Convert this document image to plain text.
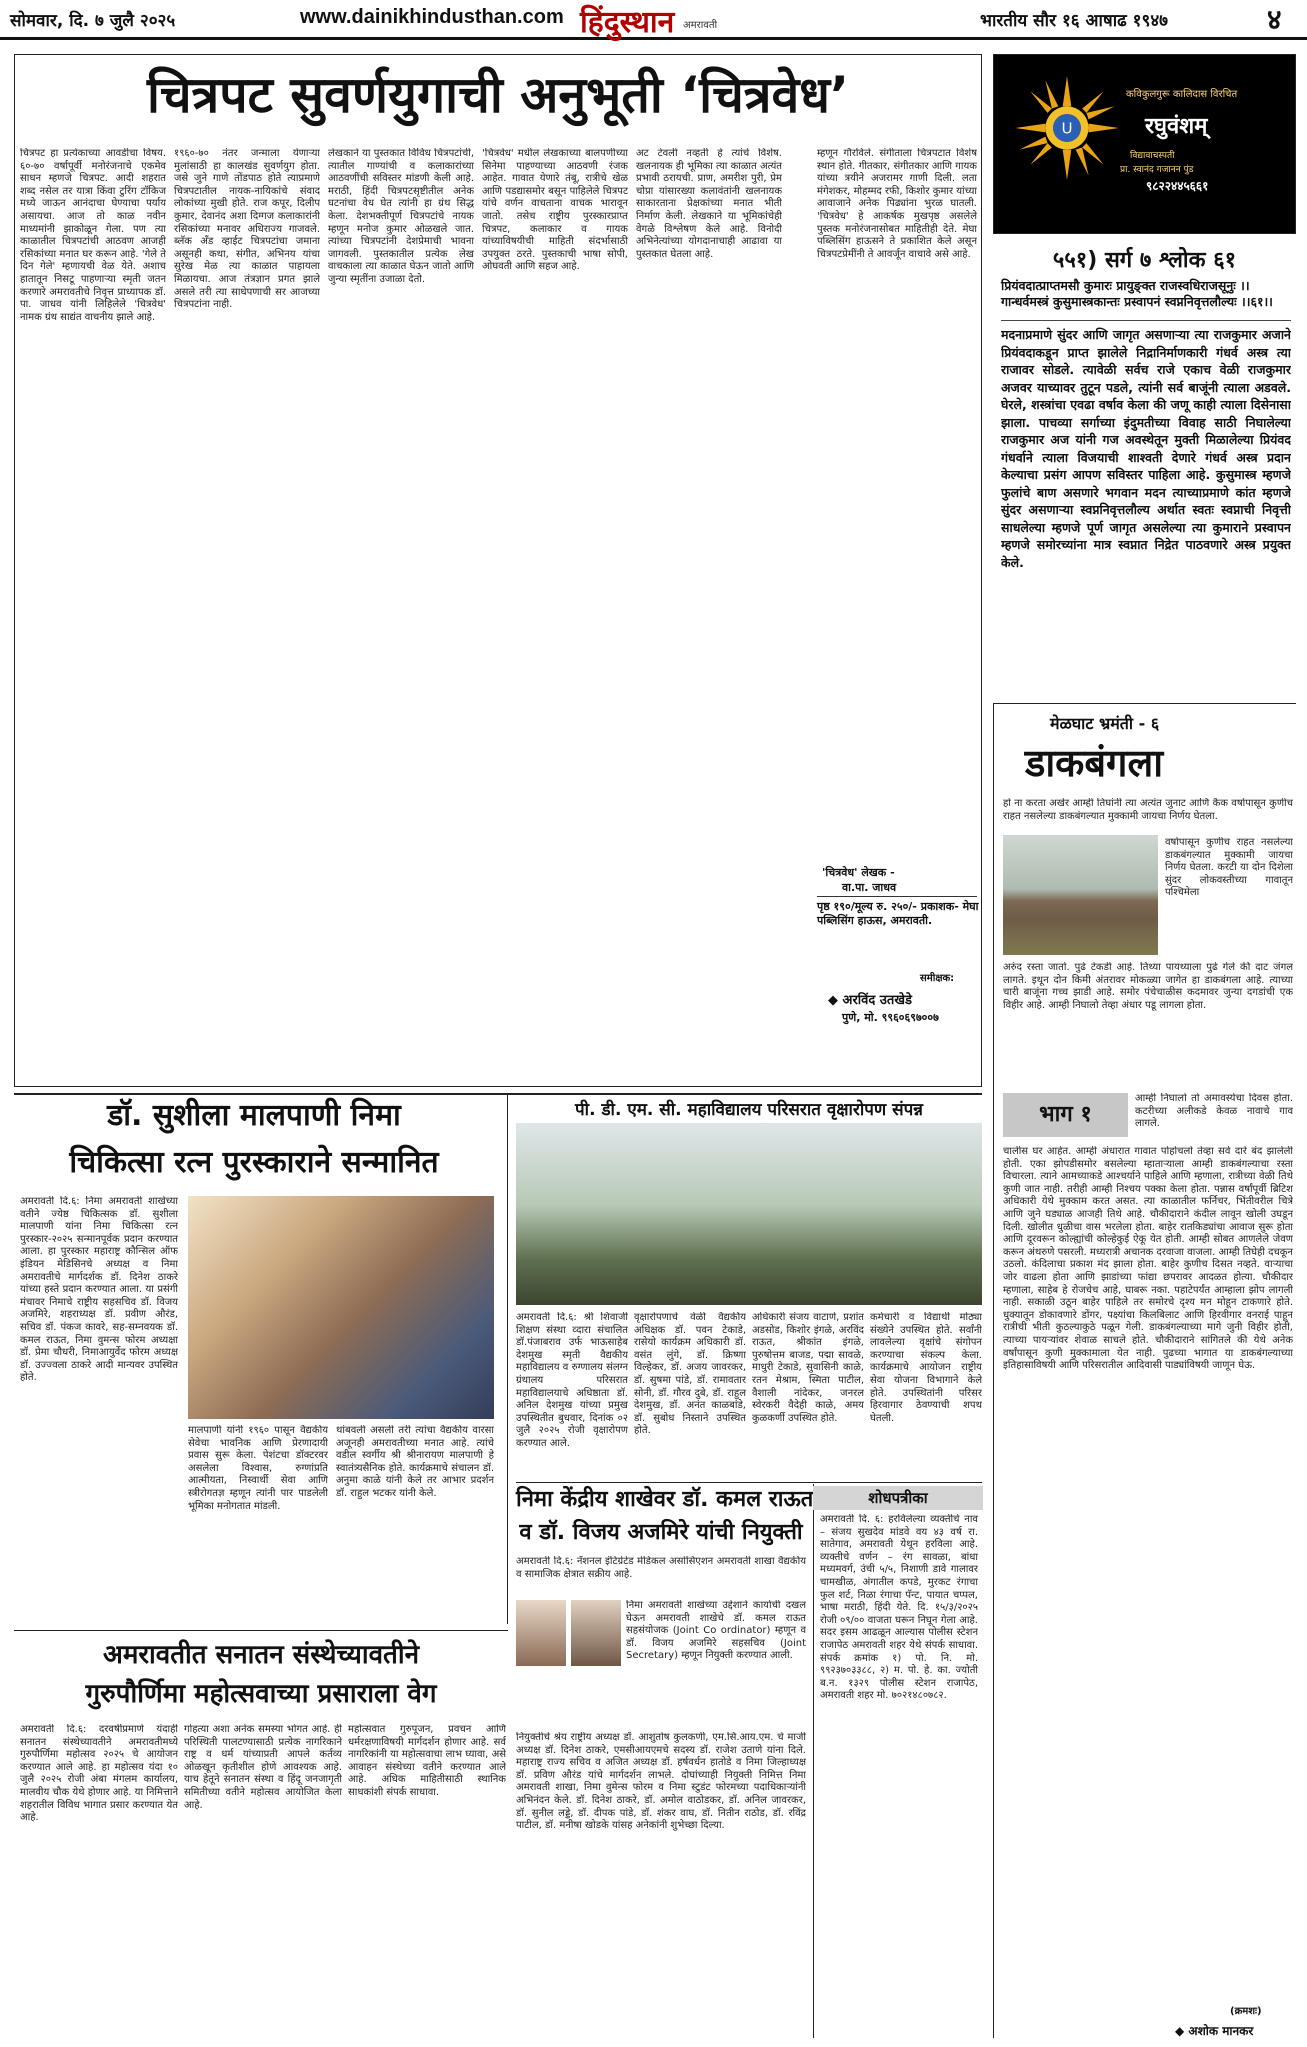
सोमवार, दि. ७ जुलै २०२५	www.dainikhindusthan.com हिंदुस्थान अमरावती	भारतीय सौर १६ आषाढ १९४७	४
चित्रपट सुवर्णयुगाची अनुभूती ‘चित्रवेध’
चित्रपट हा प्रत्येकाच्या आवडीचा विषय. ६०-७० वर्षापूर्वी मनोरंजनाचे एकमेव साधन म्हणजे चित्रपट. आदी शहरात शब्द नसेल तर यात्रा किंवा टुरिंग टॉकिज मध्ये जाऊन आनंदाचा घेण्याचा पर्याय असायचा. आज तो काळ नवीन माध्यमांनी झाकोळून गेला. पण त्या काळातील चित्रपटांची आठवण आजही रसिकांच्या मनात घर करून आहे. 'गेले ते दिन गेले' म्हणायची वेळ येते. अशाच हातातून निसटू पाहणाऱ्या स्मृती जतन करणारे अमरावतीचे निवृत्त प्राध्यापक डॉ. पा. जाधव यांनी लिहिलेले 'चित्रवेध' नामक ग्रंथ साद्यंत वाचनीय झाले आहे.
१९६०-७० नंतर जन्माला येणाऱ्या मुलांसाठी हा कालखंड सुवर्णयुग होता. जसे जुने गाणे तोंडपाठ होते त्याप्रमाणे चित्रपटातील नायक-नायिकांचे संवाद लोकांच्या मुखी होते. राज कपूर, दिलीप कुमार, देवानंद अशा दिग्गज कलाकारांनी रसिकांच्या मनावर अधिराज्य गाजवले. ब्लॅक अँड व्हाईट चित्रपटांचा जमाना असूनही कथा, संगीत, अभिनय यांचा सुरेख मेळ त्या काळात पाहायला मिळायचा. आज तंत्रज्ञान प्रगत झाले असले तरी त्या साधेपणाची सर आजच्या चित्रपटांना नाही.
लेखकाने या पुस्तकात विविध चित्रपटांची, त्यातील गाण्यांची व कलाकारांच्या आठवणींची सविस्तर मांडणी केली आहे. मराठी, हिंदी चित्रपटसृष्टीतील अनेक घटनांचा वेध घेत त्यांनी हा ग्रंथ सिद्ध केला. देशभक्तीपूर्ण चित्रपटांचे नायक म्हणून मनोज कुमार ओळखले जात. त्यांच्या चित्रपटांनी देशप्रेमाची भावना जागवली. पुस्तकातील प्रत्येक लेख वाचकाला त्या काळात घेऊन जातो आणि जुन्या स्मृतींना उजाळा देतो.
'चित्रवेध' मधील लेखकाच्या बालपणीच्या सिनेमा पाहण्याच्या आठवणी रंजक आहेत. गावात येणारे तंबू, रात्रीचे खेळ आणि पडद्यासमोर बसून पाहिलेले चित्रपट यांचे वर्णन वाचताना वाचक भारावून जातो. तसेच राष्ट्रीय पुरस्कारप्राप्त चित्रपट, कलाकार व गायक यांच्याविषयीची माहिती संदर्भासाठी उपयुक्त ठरते. पुस्तकाची भाषा सोपी, ओघवती आणि सहज आहे.
अट टेवली नव्हती हे त्यांचे विशेष. खलनायक ही भूमिका त्या काळात अत्यंत प्रभावी ठरायची. प्राण, अमरीश पुरी, प्रेम चोप्रा यांसारख्या कलावंतांनी खलनायक साकारताना प्रेक्षकांच्या मनात भीती निर्माण केली. लेखकाने या भूमिकांचेही वेगळे विश्लेषण केले आहे. विनोदी अभिनेत्यांच्या योगदानाचाही आढावा या पुस्तकात घेतला आहे.
म्हणून गौरविले. संगीताला चित्रपटात विशेष स्थान होते. गीतकार, संगीतकार आणि गायक यांच्या त्रयीने अजरामर गाणी दिली. लता मंगेशकर, मोहम्मद रफी, किशोर कुमार यांच्या आवाजाने अनेक पिढ्यांना भुरळ घातली. 'चित्रवेध' हे आकर्षक मुखपृष्ठ असलेले पुस्तक मनोरंजनासोबत माहितीही देते. मेघा पब्लिसिंग हाऊसने ते प्रकाशित केले असून चित्रपटप्रेमींनी ते आवर्जून वाचावे असे आहे.
'चित्रवेध' लेखक -
वा.पा. जाधव
पृष्ठ १९०/मूल्य रु. २५०/- प्रकाशक- मेघा पब्लिसिंग हाऊस, अमरावती.
समीक्षक:
◆ अरविंद उतखेडे
पुणे, मो. ९९६०६९७००७
U
कविकुलगुरू कालिदास विरचित
रघुवंशम्
विद्यावाचस्पती
प्रा. स्वानंद गजानन पुंड
९८२२४४५६६१
५५१) सर्ग ७ श्लोक ६१
प्रियंवदात्प्राप्तमसौ कुमारः प्रायुङ्क्त राजस्वधिराजसूनुः ।। गान्धर्वमस्त्रं कुसुमास्त्रकान्तः प्रस्वापनं स्वप्ननिवृत्तलौल्यः ।।६१।।
मदनाप्रमाणे सुंदर आणि जागृत असणाऱ्या त्या राजकुमार अजाने प्रियंवदाकडून प्राप्त झालेले निद्रानिर्माणकारी गंधर्व अस्त्र त्या राजावर सोडले. त्यावेळी सर्वच राजे एकाच वेळी राजकुमार अजवर याच्यावर तुटून पडले, त्यांनी सर्व बाजूंनी त्याला अडवले. घेरले, शस्त्रांचा एवढा वर्षाव केला की जणू काही त्याला दिसेनासा झाला. पाचव्या सर्गाच्या इंदुमतीच्या विवाह साठी निघालेल्या राजकुमार अज यांनी गज अवस्थेतून मुक्ती मिळालेल्या प्रियंवद गंधर्वाने त्याला विजयाची शाश्वती देणारे गंधर्व अस्त्र प्रदान केल्याचा प्रसंग आपण सविस्तर पाहिला आहे. कुसुमास्त्र म्हणजे फुलांचे बाण असणारे भगवान मदन त्याच्याप्रमाणे कांत म्हणजे सुंदर असणाऱ्या स्वप्ननिवृत्तलौल्य अर्थात स्वतः स्वप्नाची निवृत्ती साधलेल्या म्हणजे पूर्ण जागृत असलेल्या त्या कुमाराने प्रस्वापन म्हणजे समोरच्यांना मात्र स्वप्नात निद्रेत पाठवणारे अस्त्र प्रयुक्त केले.
मेळघाट भ्रमंती - ६
डाकबंगला
हो ना करता अखेर आम्ही तिघांनी त्या अत्यंत जुनाट आणि कैक वर्षापासून कुणीच राहत नसलेल्या डाकबंगल्यात मुक्कामी जायचा निर्णय घेतला.
वर्षापासून कुणीच राहत नसलेल्या डाकबंगल्यात मुक्कामी जायचा निर्णय घेतला. करटी या दोन दिशेला सुंदर लोकवस्तीच्या गावातून पश्चिमेला
अरुंद रस्ता जातो. पुढे टेकडी आहे. तिथ्या पायथ्याला पुढे गेले की दाट जंगल लागते. इथून दोन किमी अंतरावर मोकळ्या जागेत हा डाकबंगला आहे. त्याच्या चारी बाजूंना गच्च झाडी आहे. समोर पंचेचाळीस कदमावर जुन्या दगडांची एक विहीर आहे. आम्ही निघालो तेव्हा अंधार पडू लागला होता.
भाग १
आम्ही निघालो तो अमावस्येचा दिवस होता. कटरीच्या अलीकडे केवळ नावाचे गाव लागले.
चालीस घर आहेत. आम्ही अंधारात गावात पोहोचलो तेव्हा सर्व दारे बंद झालेली होती. एका झोपडीसमोर बसलेल्या म्हाताऱ्याला आम्ही डाकबंगल्याचा रस्ता विचारला. त्याने आमच्याकडे आश्चर्याने पाहिले आणि म्हणाला, रात्रीच्या वेळी तिथे कुणी जात नाही. तरीही आम्ही निश्चय पक्का केला होता. पन्नास वर्षांपूर्वी ब्रिटिश अधिकारी येथे मुक्काम करत असत. त्या काळातील फर्निचर, भिंतीवरील चित्रे आणि जुने घड्याळ आजही तिथे आहे. चौकीदाराने कंदील लावून खोली उघडून दिली. खोलीत धुळीचा वास भरलेला होता. बाहेर रातकिड्यांचा आवाज सुरू होता आणि दूरवरून कोल्ह्यांची कोल्हेकुई ऐकू येत होती. आम्ही सोबत आणलेले जेवण करून अंथरुणे पसरली. मध्यरात्री अचानक दरवाजा वाजला. आम्ही तिघेही दचकून उठलो. कंदिलाचा प्रकाश मंद झाला होता. बाहेर कुणीच दिसत नव्हते. वाऱ्याचा जोर वाढला होता आणि झाडांच्या फांद्या छपरावर आदळत होत्या. चौकीदार म्हणाला, साहेब हे रोजचेच आहे, घाबरू नका. पहाटेपर्यंत आम्हाला झोप लागली नाही. सकाळी उठून बाहेर पाहिले तर समोरचे दृश्य मन मोहून टाकणारे होते. धुक्यातून डोकावणारे डोंगर, पक्ष्यांचा किलबिलाट आणि हिरवीगार वनराई पाहून रात्रीची भीती कुठल्याकुठे पळून गेली. डाकबंगल्याच्या मागे जुनी विहीर होती, त्याच्या पायऱ्यांवर शेवाळ साचले होते. चौकीदाराने सांगितले की येथे अनेक वर्षांपासून कुणी मुक्कामाला येत नाही. पुढच्या भागात या डाकबंगल्याच्या इतिहासाविषयी आणि परिसरातील आदिवासी पाड्यांविषयी जाणून घेऊ.
(क्रमशः)
◆ अशोक मानकर
डॉ. सुशीला मालपाणी निमा
चिकित्सा रत्न पुरस्काराने सन्मानित
अमरावती दि.६: निमा अमरावती शाखेच्या वतीने ज्येष्ठ चिकित्सक डॉ. सुशीला मालपाणी यांना निमा चिकित्सा रत्न पुरस्कार-२०२५ सन्मानपूर्वक प्रदान करण्यात आला. हा पुरस्कार महाराष्ट्र कौन्सिल ऑफ इंडियन मेडिसिनचे अध्यक्ष व निमा अमरावतीचे मार्गदर्शक डॉ. दिनेश ठाकरे यांच्या हस्ते प्रदान करण्यात आला. या प्रसंगी मंचावर निमाचे राष्ट्रीय सहसचिव डॉ. विजय अजमिरे, शहराध्यक्ष डॉ. प्रवीण औरंड, सचिव डॉ. पंकज कावरे, सह-सम्नवयक डॉ. कमल राऊत, निमा वुमन्स फोरम अध्यक्षा डॉ. प्रेमा चौधरी, निमाआयुर्वेद फोरम अध्यक्ष डॉ. उज्ज्वला ठाकरे आदी मान्यवर उपस्थित होते.
मालपाणी यांनी १९६० पासून वैद्यकीय सेवेचा भावनिक आणि प्रेरणादायी प्रवास सुरू केला. पेशंटचा डॉक्टरवर असलेला विश्वास, रुग्णांप्रति आत्मीयता, निस्वार्थी सेवा आणि स्त्रीरोगतज्ञ म्हणून त्यांनी पार पाडलेली भूमिका मनोगतात मांडली.
थांबवली असली तरी त्यांचा वैद्यकीय वारसा अजूनही अमरावतीच्या मनात आहे. त्यांचे वडील स्वर्गीय श्री श्रीनारायण मालपाणी हे स्वातंत्र्यसैनिक होते. कार्यक्रमाचे संचालन डॉ. अनुमा काळे यांनी केले तर आभार प्रदर्शन डॉ. राहुल भटकर यांनी केले.
पी. डी. एम. सी. महाविद्यालय परिसरात वृक्षारोपण संपन्न
अमरावती दि.६: श्री शिवाजी शिक्षण संस्था व्दारा संचालित डॉ.पंजाबराव उर्फ भाऊसाहेब देशमुख स्मृती वैद्यकीय महाविद्यालय व रुग्णालय संलग्न ग्रंथालय परिसरात महाविद्यालयाचे अधिष्ठाता डॉ. अनिल देशमुख यांच्या प्रमुख उपस्थितीत बुधवार, दिनांक ०२ जुलै २०२५ रोजी वृक्षारोपण करण्यात आले.
वृक्षारोपणाचे वेळी वैद्यकीय अधिक्षक डॉ. पवन टेकाडे, रासेयो कार्यक्रम अधिकारी डॉ. वसंत लुंगे, डॉ. क्रिष्णा विल्हेकर, डॉ. अजय जावरकर, डॉ. सुषमा पांडे, डॉ. रामावतार सोनी, डॉ. गौरव दुबे, डॉ. राहुल देशमुख, डॉ. अनंत काळबांडे, डॉ. सुबोध निस्ताने उपस्थित होते.
अधिकारी संजय वाटाणे, प्रशांत अडसोड, किशोर इंगळे, अरविंद राऊत, श्रीकांत इंगळे, पुरुषोत्तम बाजड, पद्मा सावळे, माधुरी टेकाडे, सुवासिनी काळे, रतन मेश्राम, स्मिता पाटील, वैशाली नांदेकर, जनरल स्वेरकरी वैदेही काळे, अमय कुळकर्णी उपस्थित होते.
कर्मचारी व विद्यार्थी मोठ्या संख्येने उपस्थित होते. सर्वांनी लावलेल्या वृक्षांचे संगोपन करण्याचा संकल्प केला. कार्यक्रमाचे आयोजन राष्ट्रीय सेवा योजना विभागाने केले होते. उपस्थितांनी परिसर हिरवागार ठेवण्याची शपथ घेतली.
निमा केंद्रीय शाखेवर डॉ. कमल राऊत
व डॉ. विजय अजमिरे यांची नियुक्ती
अमरावती दि.६: नॅशनल इंटिग्रेटेड मेडिकल असोसिएशन अमरावती शाखा वैद्यकीय व सामाजिक क्षेत्रात सक्रीय आहे.
निमा अमरावती शाखेच्या उद्देशाने कार्याची दखल घेऊन अमरावती शाखेचे डॉ. कमल राऊत सहसंयोजक (Joint Co ordinator) म्हणून व डॉ. विजय अजमिरे सहसचिव (Joint Secretary) म्हणून नियुक्ती करण्यात आली.
नियुक्तीचे श्रेय राष्ट्रीय अध्यक्ष डॉ. आशुतोष कुलकर्णी, एम.सि.आय.एम. चे माजी अध्यक्ष डॉ. दिनेश ठाकरे, एमसीआयएमचे सदस्य डॉ. राजेश उताणे यांना दिले. महाराष्ट्र राज्य सचिव व अजित अध्यक्ष डॉ. हर्षवर्धन हातोडे व निमा जिल्हाध्यक्ष डॉ. प्रविण औरंड यांचे मार्गदर्शन लाभले. दोघांच्याही नियुक्ती निमित्त निमा अमरावती शाखा, निमा वुमेन्स फोरम व निमा स्टुडंट फोरमच्या पदाधिकाऱ्यांनी अभिनंदन केले. डॉ. दिनेश ठाकरे, डॉ. अमोल वाठोडकर, डॉ. अनिल जावरकर, डॉ. सुनील लड्डे, डॉ. दीपक पांडे, डॉ. शंकर वाघ, डॉ. नितीन राठोड, डॉ. रविंद्र पाटील, डॉ. मनीषा खोडके यांसह अनेकांनी शुभेच्छा दिल्या.
शोधपत्रीका
अमरावती दि. ६: हरविलेल्या व्यक्तीचे नाव – संजय सुखदेव मांडवे वय ४३ वर्ष रा. सातेगाव, अमरावती येथून हरविला आहे. व्यक्तीचे वर्णन – रंग सावळा, बांधा मध्यमवर्ग, उंची ५/५, निशाणी डावे गालावर चामखीळ, अंगातील कपडे, मुरकट रंगाचा फुल शर्ट, निळा रंगाचा पॅन्ट, पायात चप्पल, भाषा मराठी, हिंदी येते. दि. १५/३/२०२५ रोजी ०९/०० वाजता घरून निघून गेला आहे. सदर इसम आढळून आल्यास पोलीस स्टेशन राजापेठ अमरावती शहर येथे संपर्क साधावा. संपर्क क्रमांक १) पो. नि. मो. ९९२३७०३३८८, २) म. पो. हे. का. ज्योती ब.न. १३२९ पोलीस स्टेशन राजापेठ, अमरावती शहर मो. ७०२१४८०७८२.
अमरावतीत सनातन संस्थेच्यावतीने
गुरुपौर्णिमा महोत्सवाच्या प्रसाराला वेग
अमरावती दि.६: दरवर्षीप्रमाणे यंदाही सनातन संस्थेच्यावतीने अमरावतीमध्ये गुरुपौर्णिमा महोत्सव २०२५ चे आयोजन करण्यात आले आहे. हा महोत्सव यंदा १० जुलै २०२५ रोजी अंबा मंगलम कार्यालय, मालवीय चौक येथे होणार आहे. या निमित्ताने शहरातील विविध भागात प्रसार करण्यात येत आहे.
गोहत्या अशा अनेक समस्या भोगत आहे. ही परिस्थिती पालटण्यासाठी प्रत्येक नागरिकाने राष्ट्र व धर्म यांच्याप्रती आपले कर्तव्य ओळखून कृतीशील होणे आवश्यक आहे. याच हेतूने सनातन संस्था व हिंदू जनजागृती समितीच्या वतीने महोत्सव आयोजित केला आहे.
महोत्सवात गुरुपूजन, प्रवचन आणि धर्मरक्षणाविषयी मार्गदर्शन होणार आहे. सर्व नागरिकांनी या महोत्सवाचा लाभ घ्यावा, असे आवाहन संस्थेच्या वतीने करण्यात आले आहे. अधिक माहितीसाठी स्थानिक साधकांशी संपर्क साधावा.
